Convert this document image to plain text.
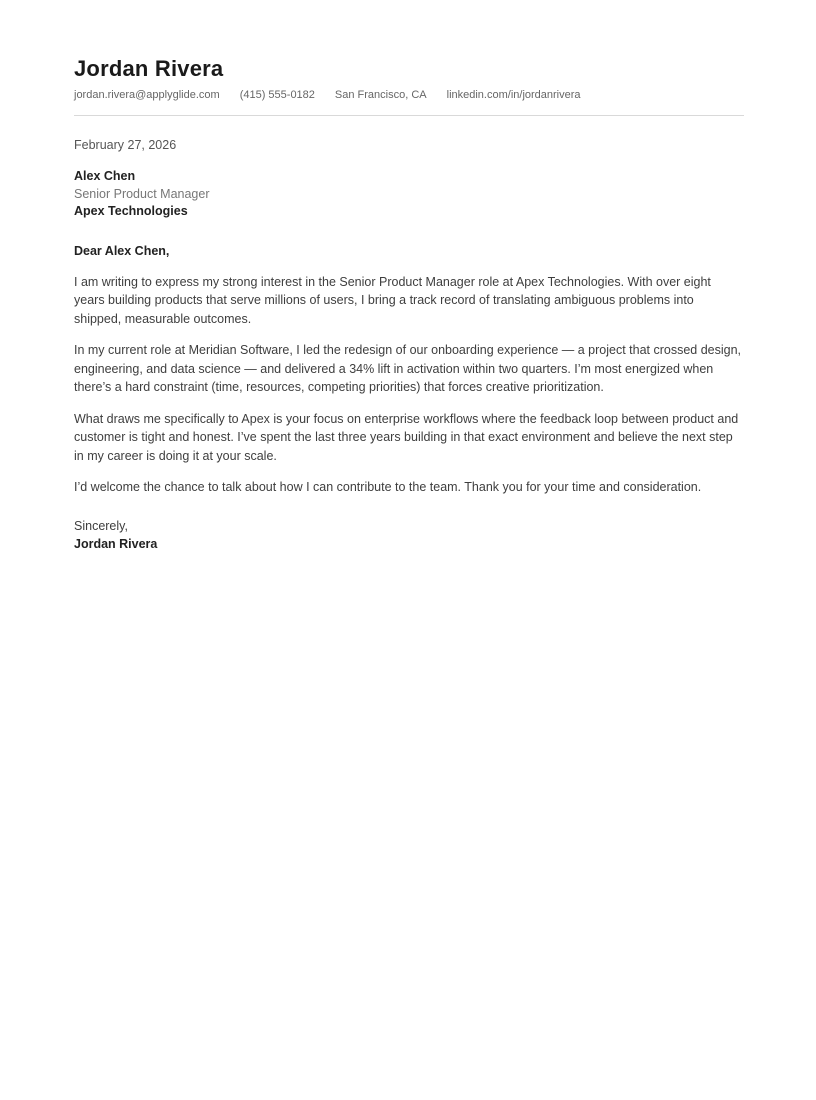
Jordan Rivera
jordan.rivera@applyglide.com (415) 555-0182 San Francisco, CA linkedin.com/in/jordanrivera
February 27, 2026
Alex Chen
Senior Product Manager
Apex Technologies
Dear Alex Chen,

I am writing to express my strong interest in the Senior Product Manager role at Apex Technologies. With over eight years building products that serve millions of users, I bring a track record of translating ambiguous problems into shipped, measurable outcomes.

In my current role at Meridian Software, I led the redesign of our onboarding experience — a project that crossed design, engineering, and data science — and delivered a 34% lift in activation within two quarters. I’m most energized when there’s a hard constraint (time, resources, competing priorities) that forces creative prioritization.

What draws me specifically to Apex is your focus on enterprise workflows where the feedback loop between product and customer is tight and honest. I’ve spent the last three years building in that exact environment and believe the next step in my career is doing it at your scale.

I’d welcome the chance to talk about how I can contribute to the team. Thank you for your time and consideration.

Sincerely,
Jordan Rivera
